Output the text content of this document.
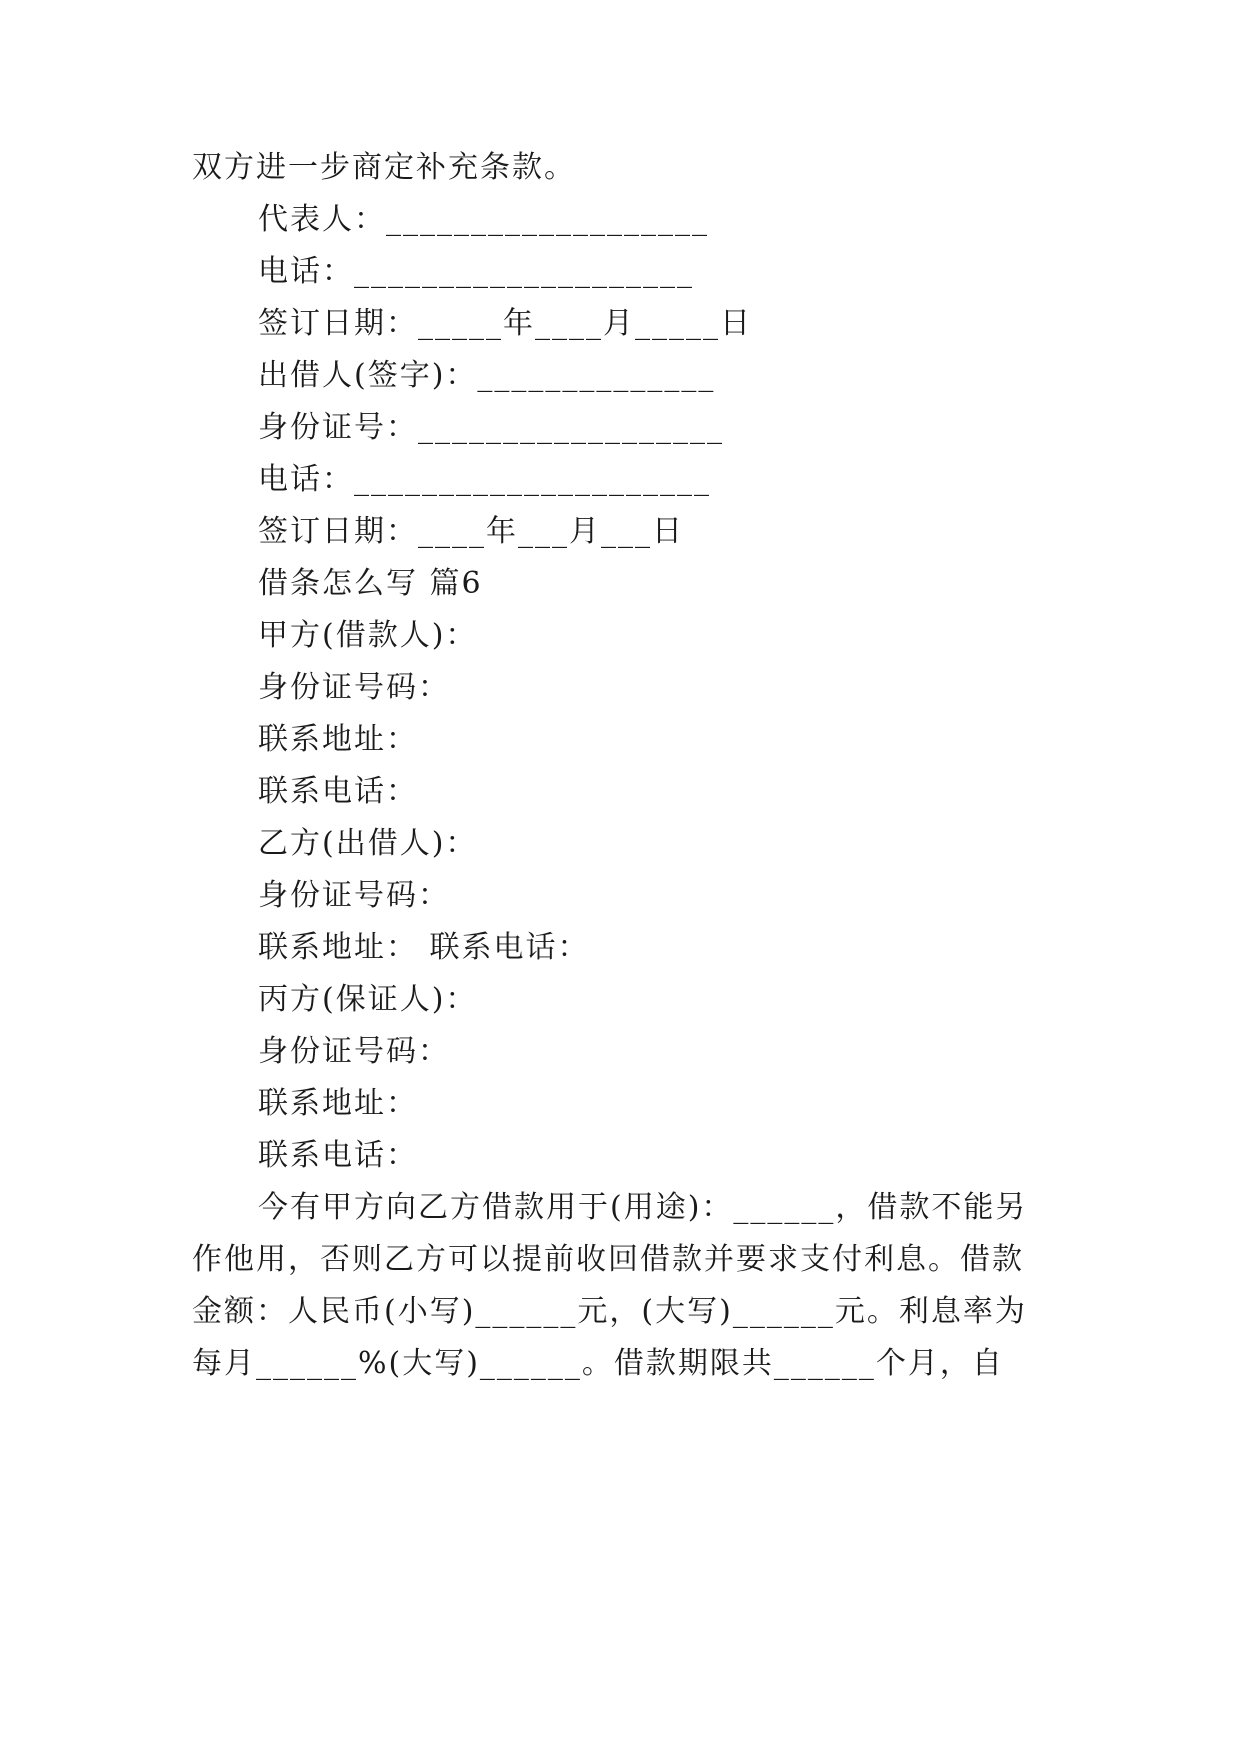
双方进一步商定补充条款。
代表人：___________________
电话：____________________
签订日期：_____年____月_____日
出借人(签字)：______________
身份证号：__________________
电话：_____________________
签订日期：____年___月___日
借条怎么写 篇6
甲方(借款人)：
身份证号码：
联系地址：
联系电话：
乙方(出借人)：
身份证号码：
联系地址： 联系电话：
丙方(保证人)：
身份证号码：
联系地址：
联系电话：
今有甲方向乙方借款用于(用途)：______，借款不能另
作他用，否则乙方可以提前收回借款并要求支付利息。借款
金额：人民币(小写)______元，(大写)______元。利息率为
每月______%(大写)______。借款期限共______个月，自
